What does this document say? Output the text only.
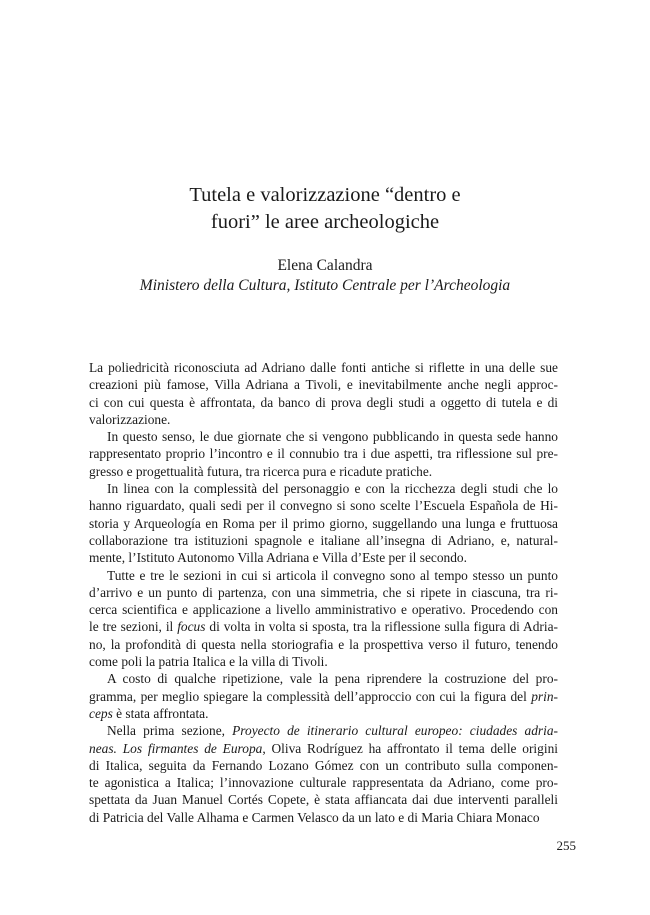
Tutela e valorizzazione “dentro e
fuori” le aree archeologiche
Elena Calandra
Ministero della Cultura, Istituto Centrale per l’Archeologia
La poliedricità riconosciuta ad Adriano dalle fonti antiche si riflette in una delle sue
creazioni più famose, Villa Adriana a Tivoli, e inevitabilmente anche negli approc-
ci con cui questa è affrontata, da banco di prova degli studi a oggetto di tutela e di
valorizzazione.
In questo senso, le due giornate che si vengono pubblicando in questa sede hanno
rappresentato proprio l’incontro e il connubio tra i due aspetti, tra riflessione sul pre-
gresso e progettualità futura, tra ricerca pura e ricadute pratiche.
In linea con la complessità del personaggio e con la ricchezza degli studi che lo
hanno riguardato, quali sedi per il convegno si sono scelte l’Escuela Española de Hi-
storia y Arqueología en Roma per il primo giorno, suggellando una lunga e fruttuosa
collaborazione tra istituzioni spagnole e italiane all’insegna di Adriano, e, natural-
mente, l’Istituto Autonomo Villa Adriana e Villa d’Este per il secondo.
Tutte e tre le sezioni in cui si articola il convegno sono al tempo stesso un punto
d’arrivo e un punto di partenza, con una simmetria, che si ripete in ciascuna, tra ri-
cerca scientifica e applicazione a livello amministrativo e operativo. Procedendo con
le tre sezioni, il focus di volta in volta si sposta, tra la riflessione sulla figura di Adria-
no, la profondità di questa nella storiografia e la prospettiva verso il futuro, tenendo
come poli la patria Italica e la villa di Tivoli.
A costo di qualche ripetizione, vale la pena riprendere la costruzione del pro-
gramma, per meglio spiegare la complessità dell’approccio con cui la figura del prin-
ceps è stata affrontata.
Nella prima sezione, Proyecto de itinerario cultural europeo: ciudades adria-
neas. Los firmantes de Europa, Oliva Rodríguez ha affrontato il tema delle origini
di Italica, seguita da Fernando Lozano Gómez con un contributo sulla componen-
te agonistica a Italica; l’innovazione culturale rappresentata da Adriano, come pro-
spettata da Juan Manuel Cortés Copete, è stata affiancata dai due interventi paralleli
di Patricia del Valle Alhama e Carmen Velasco da un lato e di Maria Chiara Monaco
255
